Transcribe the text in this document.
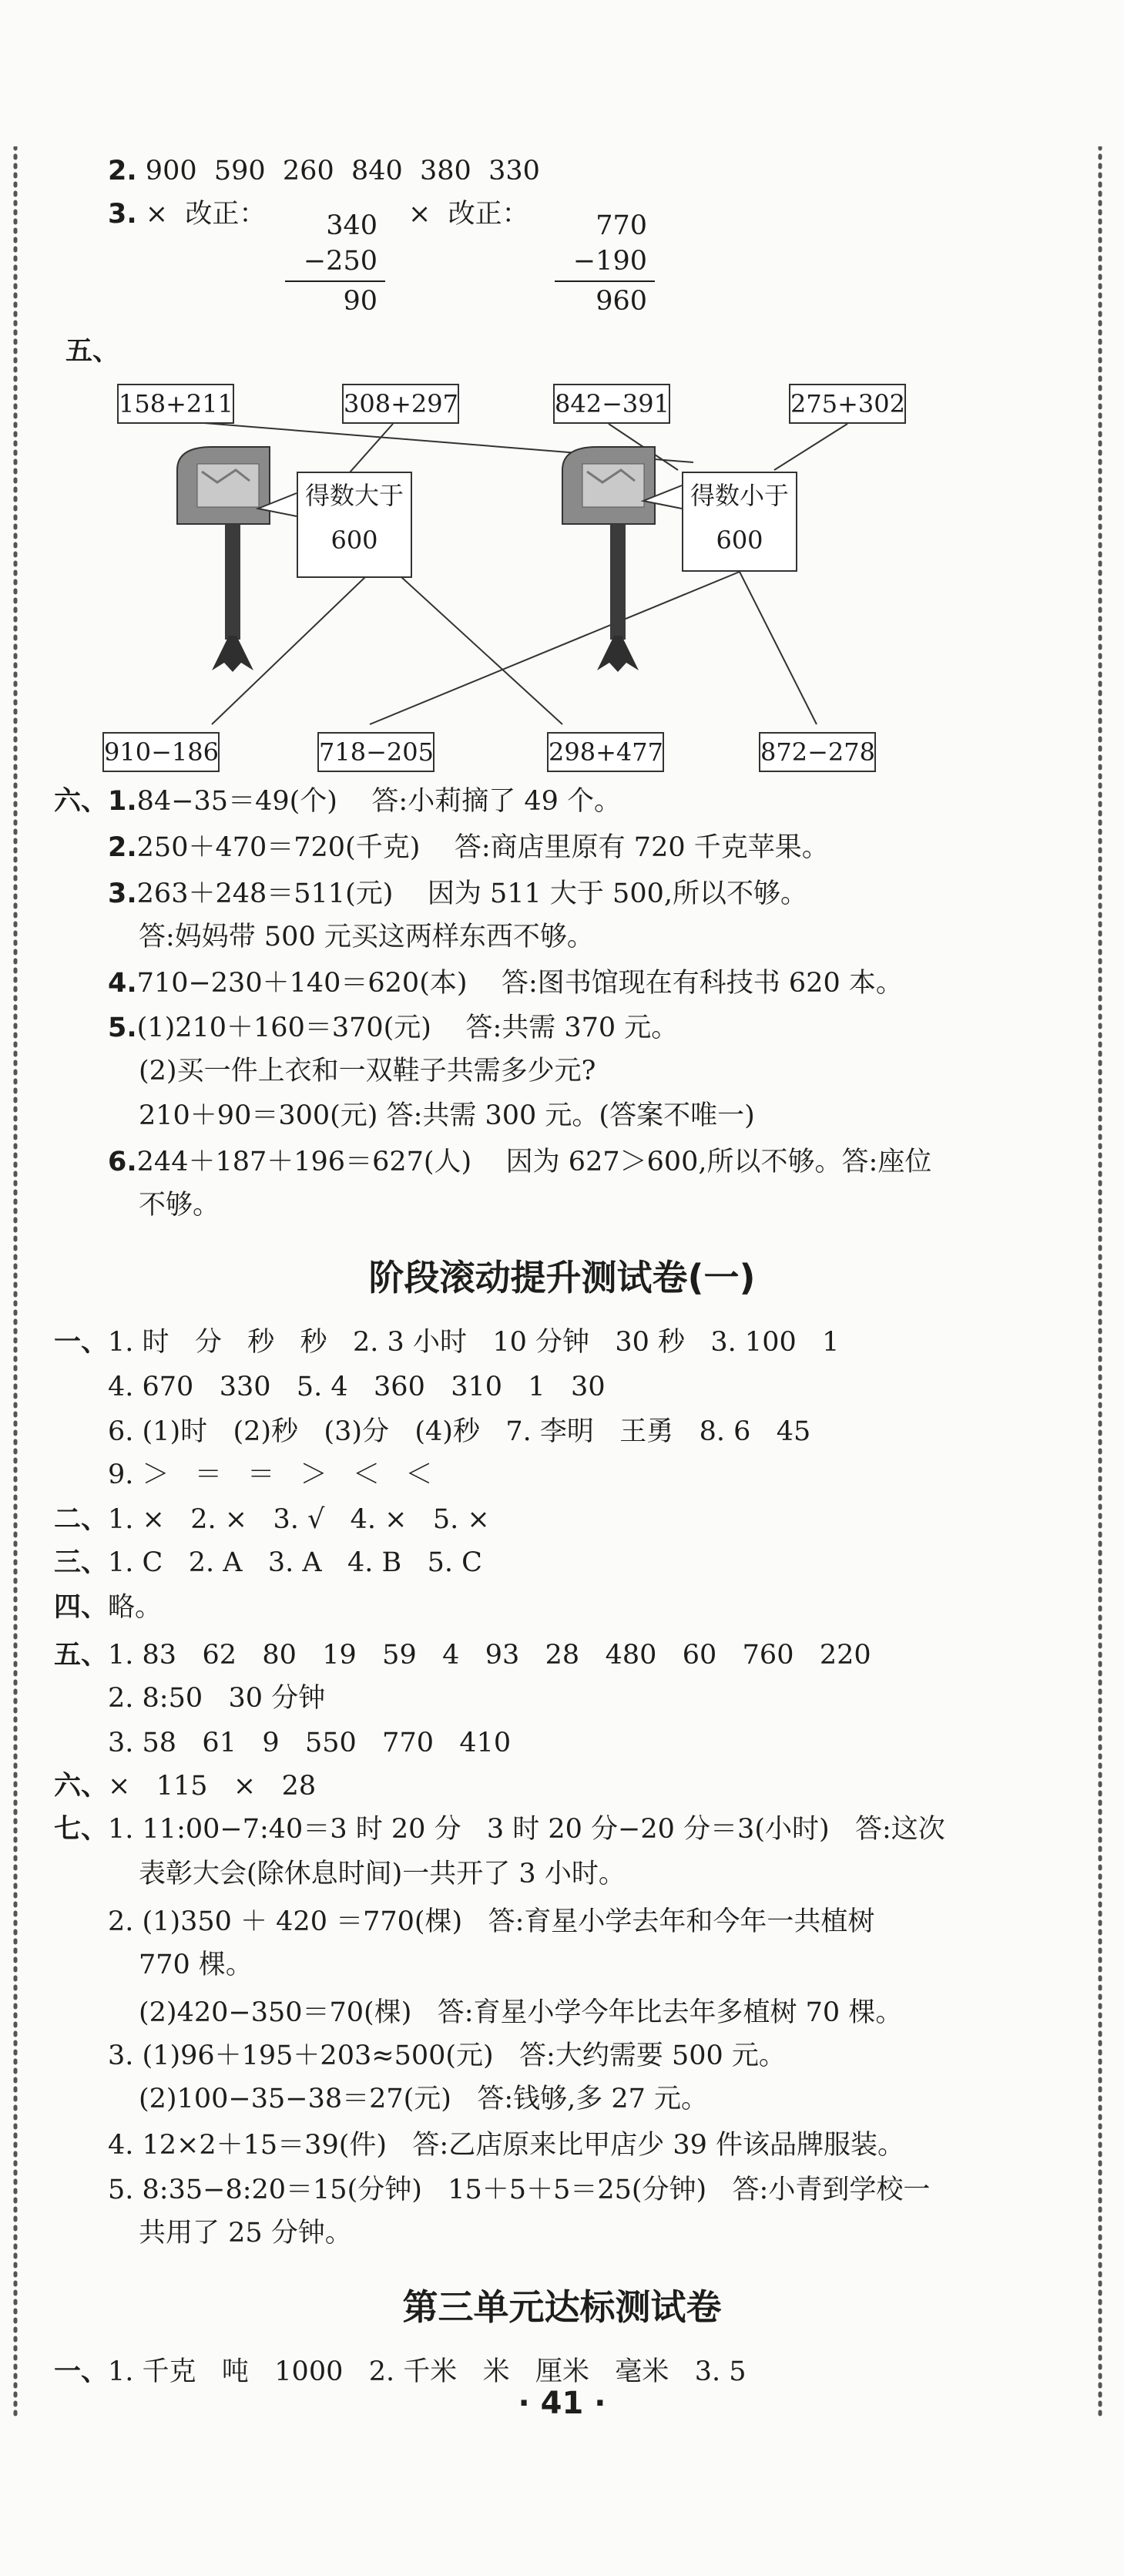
2. 900  590  260  840  380  330
3. ×  改正：	×  改正：
340
−250
90
770
−190
960
五、
158+211	308+297	842−391	275+302
得数大于
600
得数小于
600
910−186	718−205	298+477	872−278
六、1.84−35＝49(个)    答:小莉摘了 49 个。
2.250＋470＝720(千克)    答:商店里原有 720 千克苹果。
3.263＋248＝511(元)    因为 511 大于 500,所以不够。
答:妈妈带 500 元买这两样东西不够。
4.710−230＋140＝620(本)    答:图书馆现在有科技书 620 本。
5.(1)210＋160＝370(元)    答:共需 370 元。
(2)买一件上衣和一双鞋子共需多少元?
210＋90＝300(元) 答:共需 300 元。(答案不唯一)
6.244＋187＋196＝627(人)    因为 627＞600,所以不够。答:座位
不够。
阶段滚动提升测试卷(一)
一、1. 时   分   秒   秒   2. 3 小时   10 分钟   30 秒   3. 100   1
4. 670   330   5. 4   360   310   1   30
6. (1)时   (2)秒   (3)分   (4)秒   7. 李明   王勇   8. 6   45
9. ＞   ＝   ＝   ＞   ＜   ＜
二、1. ×   2. ×   3. √   4. ×   5. ×
三、1. C   2. A   3. A   4. B   5. C
四、略。
五、1. 83   62   80   19   59   4   93   28   480   60   760   220
2. 8:50   30 分钟
3. 58   61   9   550   770   410
六、×   115   ×   28
七、1. 11:00−7:40＝3 时 20 分   3 时 20 分−20 分＝3(小时)   答:这次
表彰大会(除休息时间)一共开了 3 小时。
2. (1)350 ＋ 420 ＝770(棵)   答:育星小学去年和今年一共植树
770 棵。
(2)420−350＝70(棵)   答:育星小学今年比去年多植树 70 棵。
3. (1)96＋195＋203≈500(元)   答:大约需要 500 元。
(2)100−35−38＝27(元)   答:钱够,多 27 元。
4. 12×2＋15＝39(件)   答:乙店原来比甲店少 39 件该品牌服装。
5. 8:35−8:20＝15(分钟)   15＋5＋5＝25(分钟)   答:小青到学校一
共用了 25 分钟。
第三单元达标测试卷
一、1. 千克   吨   1000   2. 千米   米   厘米   毫米   3. 5
· 41 ·
